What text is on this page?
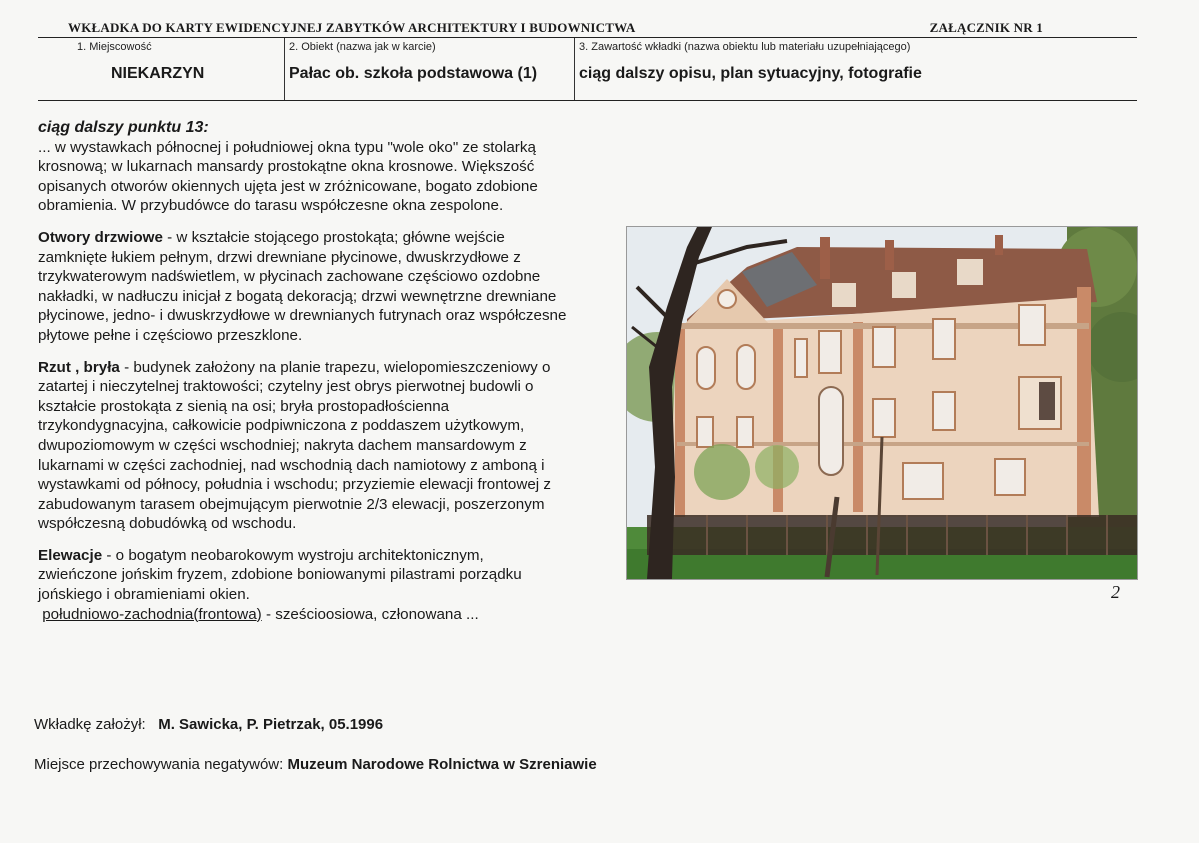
WKŁADKA DO KARTY EWIDENCYJNEJ ZABYTKÓW ARCHITEKTURY I BUDOWNICTWA	ZAŁĄCZNIK NR 1
1. Miejscowość
NIEKARZYN
2. Obiekt (nazwa jak w karcie)
Pałac ob. szkoła podstawowa (1)
3. Zawartość wkładki (nazwa obiektu lub materiału uzupełniającego)
ciąg dalszy opisu, plan sytuacyjny, fotografie
ciąg dalszy punktu 13:

... w wystawkach północnej i południowej okna typu "wole oko" ze stolarką krosnową; w lukarnach mansardy prostokątne okna krosnowe. Większość opisanych otworów okiennych ujęta jest w zróżnicowane, bogato zdobione obramienia. W przybudówce do tarasu współczesne okna zespolone.

Otwory drzwiowe - w kształcie stojącego prostokąta; główne wejście zamknięte łukiem pełnym, drzwi drewniane płycinowe, dwuskrzydłowe z trzykwaterowym nadświetlem, w płycinach zachowane częściowo ozdobne nakładki, w nadłuczu inicjał z bogatą dekoracją; drzwi wewnętrzne drewniane płycinowe, jedno- i dwuskrzydłowe w drewnianych futrynach oraz współczesne płytowe pełne i częściowo przeszklone.

Rzut , bryła - budynek założony na planie trapezu, wielopomieszczeniowy o zatartej i nieczytelnej traktowości; czytelny jest obrys pierwotnej budowli o kształcie prostokąta z sienią na osi; bryła prostopadłościenna trzykondygnacyjna, całkowicie podpiwniczona z poddaszem użytkowym, dwupoziomowym w części wschodniej; nakryta dachem mansardowym z lukarnami w części zachodniej, nad wschodnią dach namiotowy z amboną i wystawkami od północy, południa i wschodu; przyziemie elewacji frontowej z zabudowanym tarasem obejmującym pierwotnie 2/3 elewacji, poszerzonym współczesną dobudówką od wschodu.

Elewacje - o bogatym neobarokowym wystroju architektonicznym, zwieńczone jońskim fryzem, zdobione boniowanymi pilastrami porządku jońskiego i obramieniami okien.
południowo-zachodnia(frontowa) - sześcioosiowa, członowana ...

Wkładkę założył: M. Sawicka, P. Pietrzak, 05.1996
Miejsce przechowywania negatywów: Muzeum Narodowe Rolnictwa w Szreniawie
2
